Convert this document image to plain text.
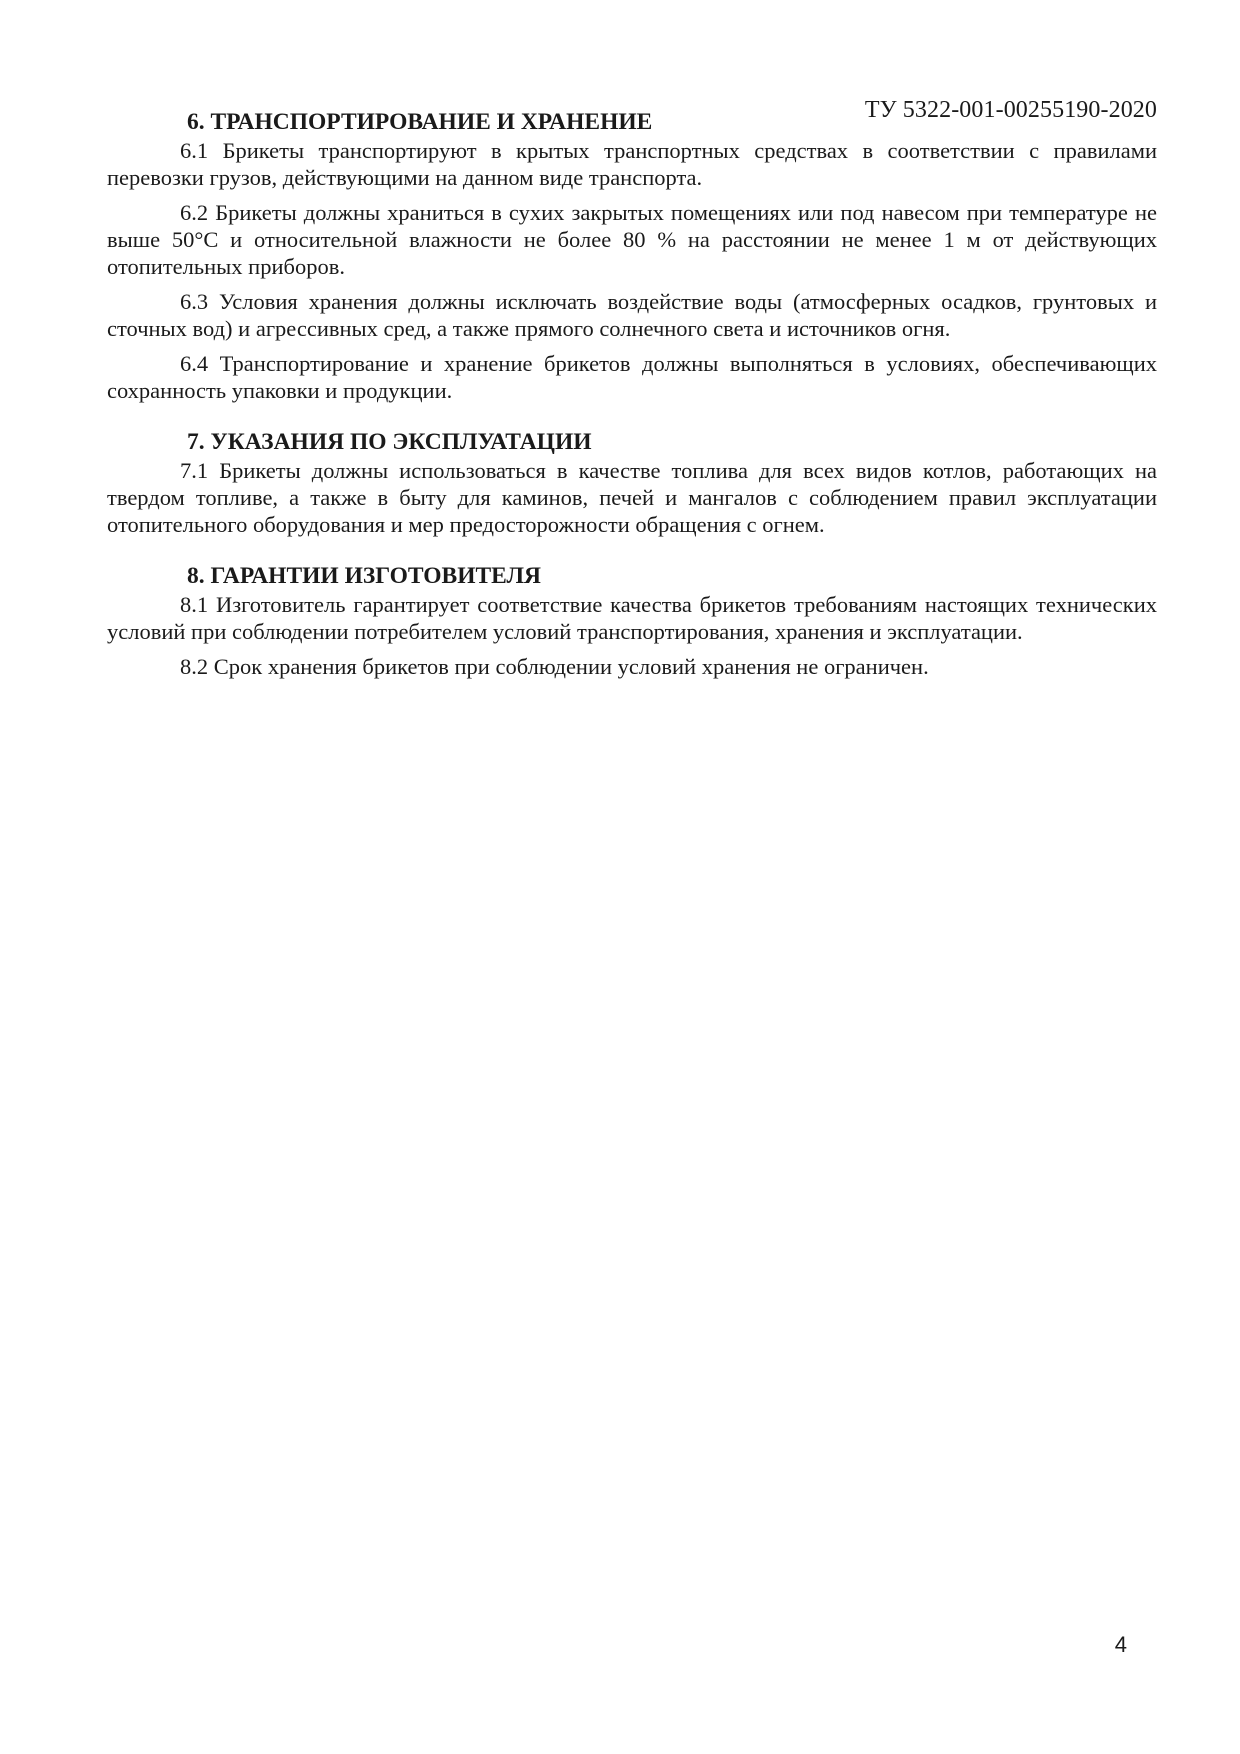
ТУ 5322-001-00255190-2020
6. ТРАНСПОРТИРОВАНИЕ И ХРАНЕНИЕ

6.1 Брикеты транспортируют в крытых транспортных средствах в соответствии с правилами перевозки грузов, действующими на данном виде транспорта.

6.2 Брикеты должны храниться в сухих закрытых помещениях или под навесом при температуре не выше 50°С и относительной влажности не более 80 % на расстоянии не менее 1 м от действующих отопительных приборов.

6.3 Условия хранения должны исключать воздействие воды (атмосферных осадков, грунтовых и сточных вод) и агрессивных сред, а также прямого солнечного света и источников огня.

6.4 Транспортирование и хранение брикетов должны выполняться в условиях, обеспечивающих сохранность упаковки и продукции.

7. УКАЗАНИЯ ПО ЭКСПЛУАТАЦИИ

7.1 Брикеты должны использоваться в качестве топлива для всех видов котлов, работающих на твердом топливе, а также в быту для каминов, печей и мангалов с соблюдением правил эксплуатации отопительного оборудования и мер предосторожности обращения с огнем.

8. ГАРАНТИИ ИЗГОТОВИТЕЛЯ

8.1 Изготовитель гарантирует соответствие качества брикетов требованиям настоящих технических условий при соблюдении потребителем условий транспортирования, хранения и эксплуатации.

8.2 Срок хранения брикетов при соблюдении условий хранения не ограничен.

4
